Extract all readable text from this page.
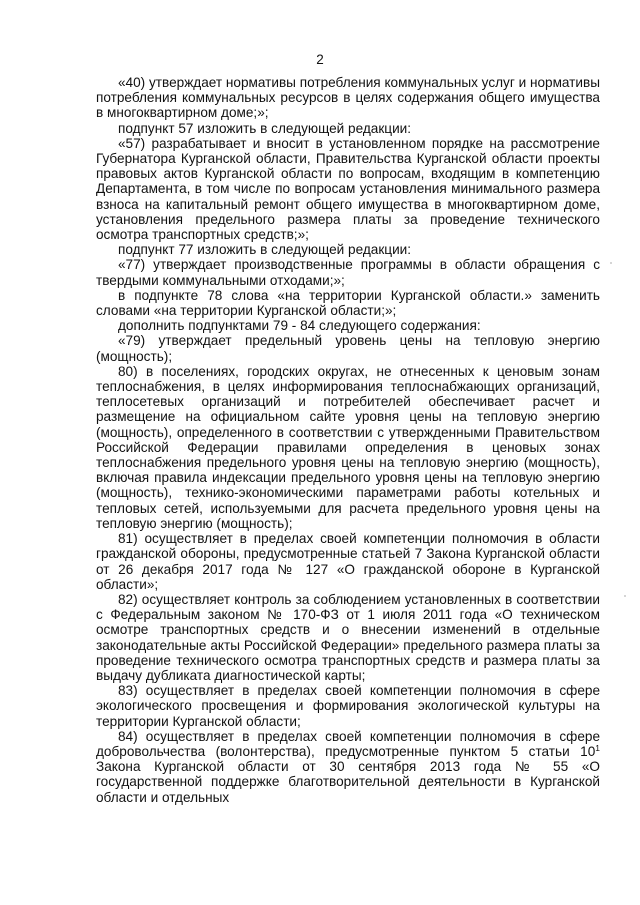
2

«40) утверждает нормативы потребления коммунальных услуг и нормативы потребления коммунальных ресурсов в целях содержания общего имущества в многоквартирном доме;»;

подпункт 57 изложить в следующей редакции:

«57) разрабатывает и вносит в установленном порядке на рассмотрение Губернатора Курганской области, Правительства Курганской области проекты правовых актов Курганской области по вопросам, входящим в компетенцию Департамента, в том числе по вопросам установления минимального размера взноса на капитальный ремонт общего имущества в многоквартирном доме, установления предельного размера платы за проведение технического осмотра транспортных средств;»;

подпункт 77 изложить в следующей редакции:

«77) утверждает производственные программы в области обращения с твердыми коммунальными отходами;»;

в подпункте 78 слова «на территории Курганской области.» заменить словами «на территории Курганской области;»;

дополнить подпунктами 79 - 84 следующего содержания:

«79) утверждает предельный уровень цены на тепловую энергию (мощность);

80) в поселениях, городских округах, не отнесенных к ценовым зонам теплоснабжения, в целях информирования теплоснабжающих организаций, теплосетевых организаций и потребителей обеспечивает расчет и размещение на официальном сайте уровня цены на тепловую энергию (мощность), определенного в соответствии с утвержденными Правительством Российской Федерации правилами определения в ценовых зонах теплоснабжения предельного уровня цены на тепловую энергию (мощность), включая правила индексации предельного уровня цены на тепловую энергию (мощность), технико-экономическими параметрами работы котельных и тепловых сетей, используемыми для расчета предельного уровня цены на тепловую энергию (мощность);

81) осуществляет в пределах своей компетенции полномочия в области гражданской обороны, предусмотренные статьей 7 Закона Курганской области от 26 декабря 2017 года № 127 «О гражданской обороне в Курганской области»;

82) осуществляет контроль за соблюдением установленных в соответствии с Федеральным законом № 170-ФЗ от 1 июля 2011 года «О техническом осмотре транспортных средств и о внесении изменений в отдельные законодательные акты Российской Федерации» предельного размера платы за проведение технического осмотра транспортных средств и размера платы за выдачу дубликата диагностической карты;

83) осуществляет в пределах своей компетенции полномочия в сфере экологического просвещения и формирования экологической культуры на территории Курганской области;

84) осуществляет в пределах своей компетенции полномочия в сфере добровольчества (волонтерства), предусмотренные пунктом 5 статьи $10^1$ Закона Курганской области от 30 сентября 2013 года № 55 «О государственной поддержке благотворительной деятельности в Курганской области и отдельных
